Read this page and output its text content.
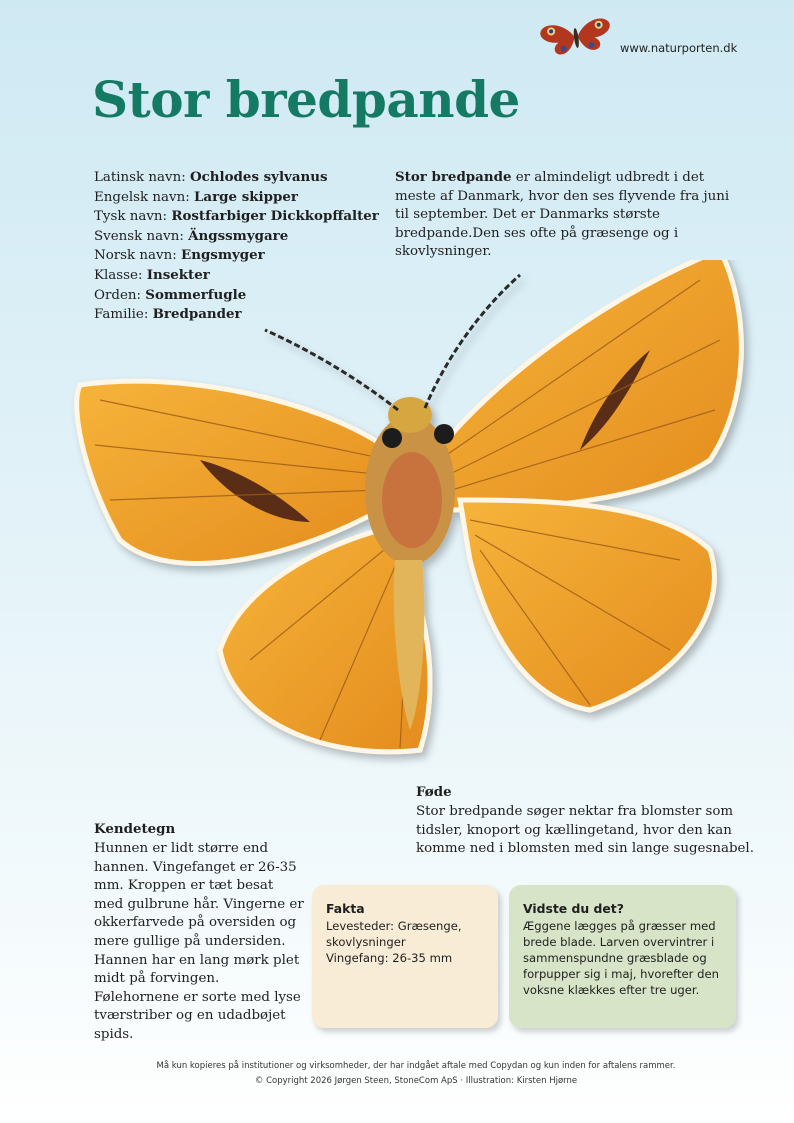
www.naturporten.dk
Stor bredpande
Latinsk navn: Ochlodes sylvanus
Engelsk navn: Large skipper
Tysk navn: Rostfarbiger Dickkopffalter
Svensk navn: Ängssmygare
Norsk navn: Engsmyger
Klasse: Insekter
Orden: Sommerfugle
Familie: Bredpander

Stor bredpande er almindeligt udbredt i det meste af Danmark, hvor den ses flyvende fra juni til september. Det er Danmarks største bredpande.Den ses ofte på græsenge og i skovlysninger.

Føde

Stor bredpande søger nektar fra blomster som tidsler, knoport og kællingetand, hvor den kan komme ned i blomsten med sin lange sugesnabel.

Kendetegn

Hunnen er lidt større end hannen. Vingefanget er 26-35 mm. Kroppen er tæt besat med gulbrune hår. Vingerne er okkerfarvede på oversiden og mere gullige på undersiden. Hannen har en lang mørk plet midt på forvingen. Følehornene er sorte med lyse tværstriber og en udadbøjet spids.

Fakta
Levesteder: Græsenge, skovlysninger
Vingefang: 26-35 mm
Vidste du det?
Æggene lægges på græsser med brede blade. Larven overvintrer i sammenspundne græsblade og forpupper sig i maj, hvorefter den voksne klækkes efter tre uger.
Må kun kopieres på institutioner og virksomheder, der har indgået aftale med Copydan og kun inden for aftalens rammer.
© Copyright 2026 Jørgen Steen, StoneCom ApS · Illustration: Kirsten Hjørne
